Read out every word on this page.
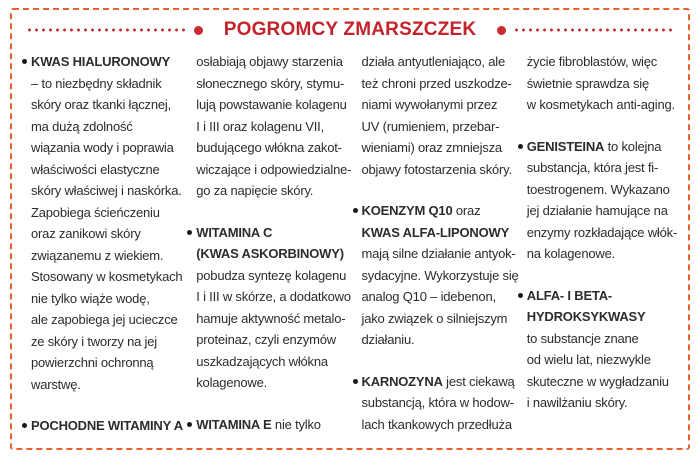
POGROMCY ZMARSZCZEK
KWAS HIALURONOWY
– to niezbędny składnik
skóry oraz tkanki łącznej,
ma dużą zdolność
wiązania wody i poprawia
właściwości elastyczne
skóry właściwej i naskórka.
Zapobiega ścieńczeniu
oraz zanikowi skóry
związanemu z wiekiem.
Stosowany w kosmetykach
nie tylko wiąże wodę,
ale zapobiega jej ucieczce
ze skóry i tworzy na jej
powierzchni ochronną
warstwę.
POCHODNE WITAMINY A
osłabiają objawy starzenia
słonecznego skóry, stymu-
lują powstawanie kolagenu
I i III oraz kolagenu VII,
budującego włókna zakot-
wiczające i odpowiedzialne-
go za napięcie skóry.
WITAMINA C
(KWAS ASKORBINOWY)
pobudza syntezę kolagenu
I i III w skórze, a dodatkowo
hamuje aktywność metalo-
proteinaz, czyli enzymów
uszkadzających włókna
kolagenowe.
WITAMINA E nie tylko
działa antyutleniająco, ale
też chroni przed uszkodze-
niami wywołanymi przez
UV (rumieniem, przebar-
wieniami) oraz zmniejsza
objawy fotostarzenia skóry.
KOENZYM Q10 oraz
KWAS ALFA-LIPONOWY
mają silne działanie antyok-
sydacyjne. Wykorzystuje się
analog Q10 – idebenon,
jako związek o silniejszym
działaniu.
KARNOZYNA jest ciekawą
substancją, która w hodow-
lach tkankowych przedłuża
życie fibroblastów, więc
świetnie sprawdza się
w kosmetykach anti-aging.
GENISTEINA to kolejna
substancja, która jest fi-
toestrogenem. Wykazano
jej działanie hamujące na
enzymy rozkładające włók-
na kolagenowe.
ALFA- I BETA-
HYDROKSYKWASY
to substancje znane
od wielu lat, niezwykle
skuteczne w wygładzaniu
i nawilżaniu skóry.
